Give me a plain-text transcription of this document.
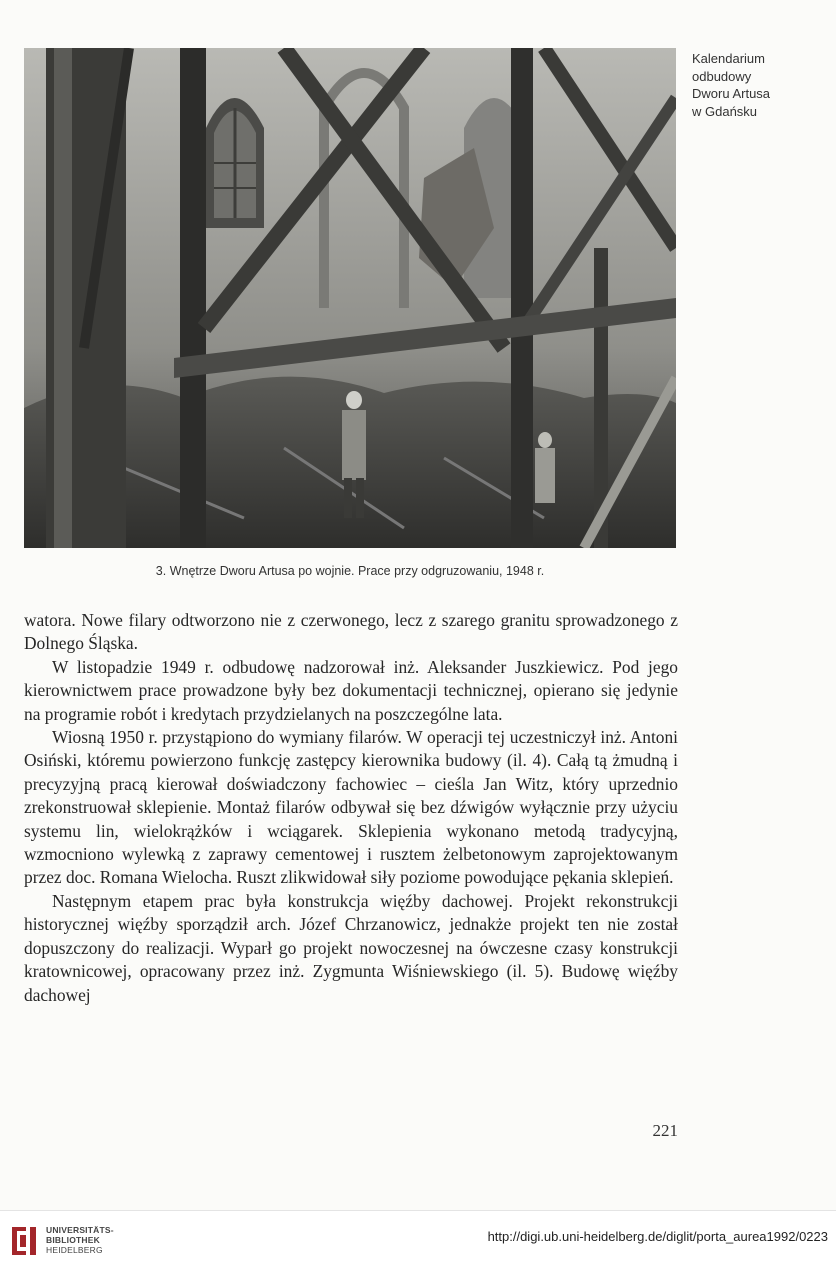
3. Wnętrze Dworu Artusa po wojnie. Prace przy odgruzowaniu, 1948 r.
Kalendarium
odbudowy
Dworu Artusa
w Gdańsku

watora. Nowe filary odtworzono nie z czerwonego, lecz z szarego granitu sprowadzonego z Dolnego Śląska.

W listopadzie 1949 r. odbudowę nadzorował inż. Aleksander Juszkiewicz. Pod jego kierownictwem prace prowadzone były bez dokumentacji technicznej, opierano się jedynie na programie robót i kredytach przydzielanych na poszczególne lata.

Wiosną 1950 r. przystąpiono do wymiany filarów. W operacji tej uczestniczył inż. Antoni Osiński, któremu powierzono funkcję zastępcy kierownika budowy (il. 4). Całą tą żmudną i precyzyjną pracą kierował doświadczony fachowiec – cieśla Jan Witz, który uprzednio zrekonstruował sklepienie. Montaż filarów odbywał się bez dźwigów wyłącznie przy użyciu systemu lin, wielokrążków i wciągarek. Sklepienia wykonano metodą tradycyjną, wzmocniono wylewką z zaprawy cementowej i rusztem żelbetonowym zaprojektowanym przez doc. Romana Wielocha. Ruszt zlikwidował siły poziome powodujące pękania sklepień.

Następnym etapem prac była konstrukcja więźby dachowej. Projekt rekonstrukcji historycznej więźby sporządził arch. Józef Chrzanowicz, jednakże projekt ten nie został dopuszczony do realizacji. Wyparł go projekt nowoczesnej na ówczesne czasy konstrukcji kratownicowej, opracowany przez inż. Zygmunta Wiśniewskiego (il. 5). Budowę więźby dachowej

221
UNIVERSITÄTS-
BIBLIOTHEK
HEIDELBERG
http://digi.ub.uni-heidelberg.de/diglit/porta_aurea1992/0223
